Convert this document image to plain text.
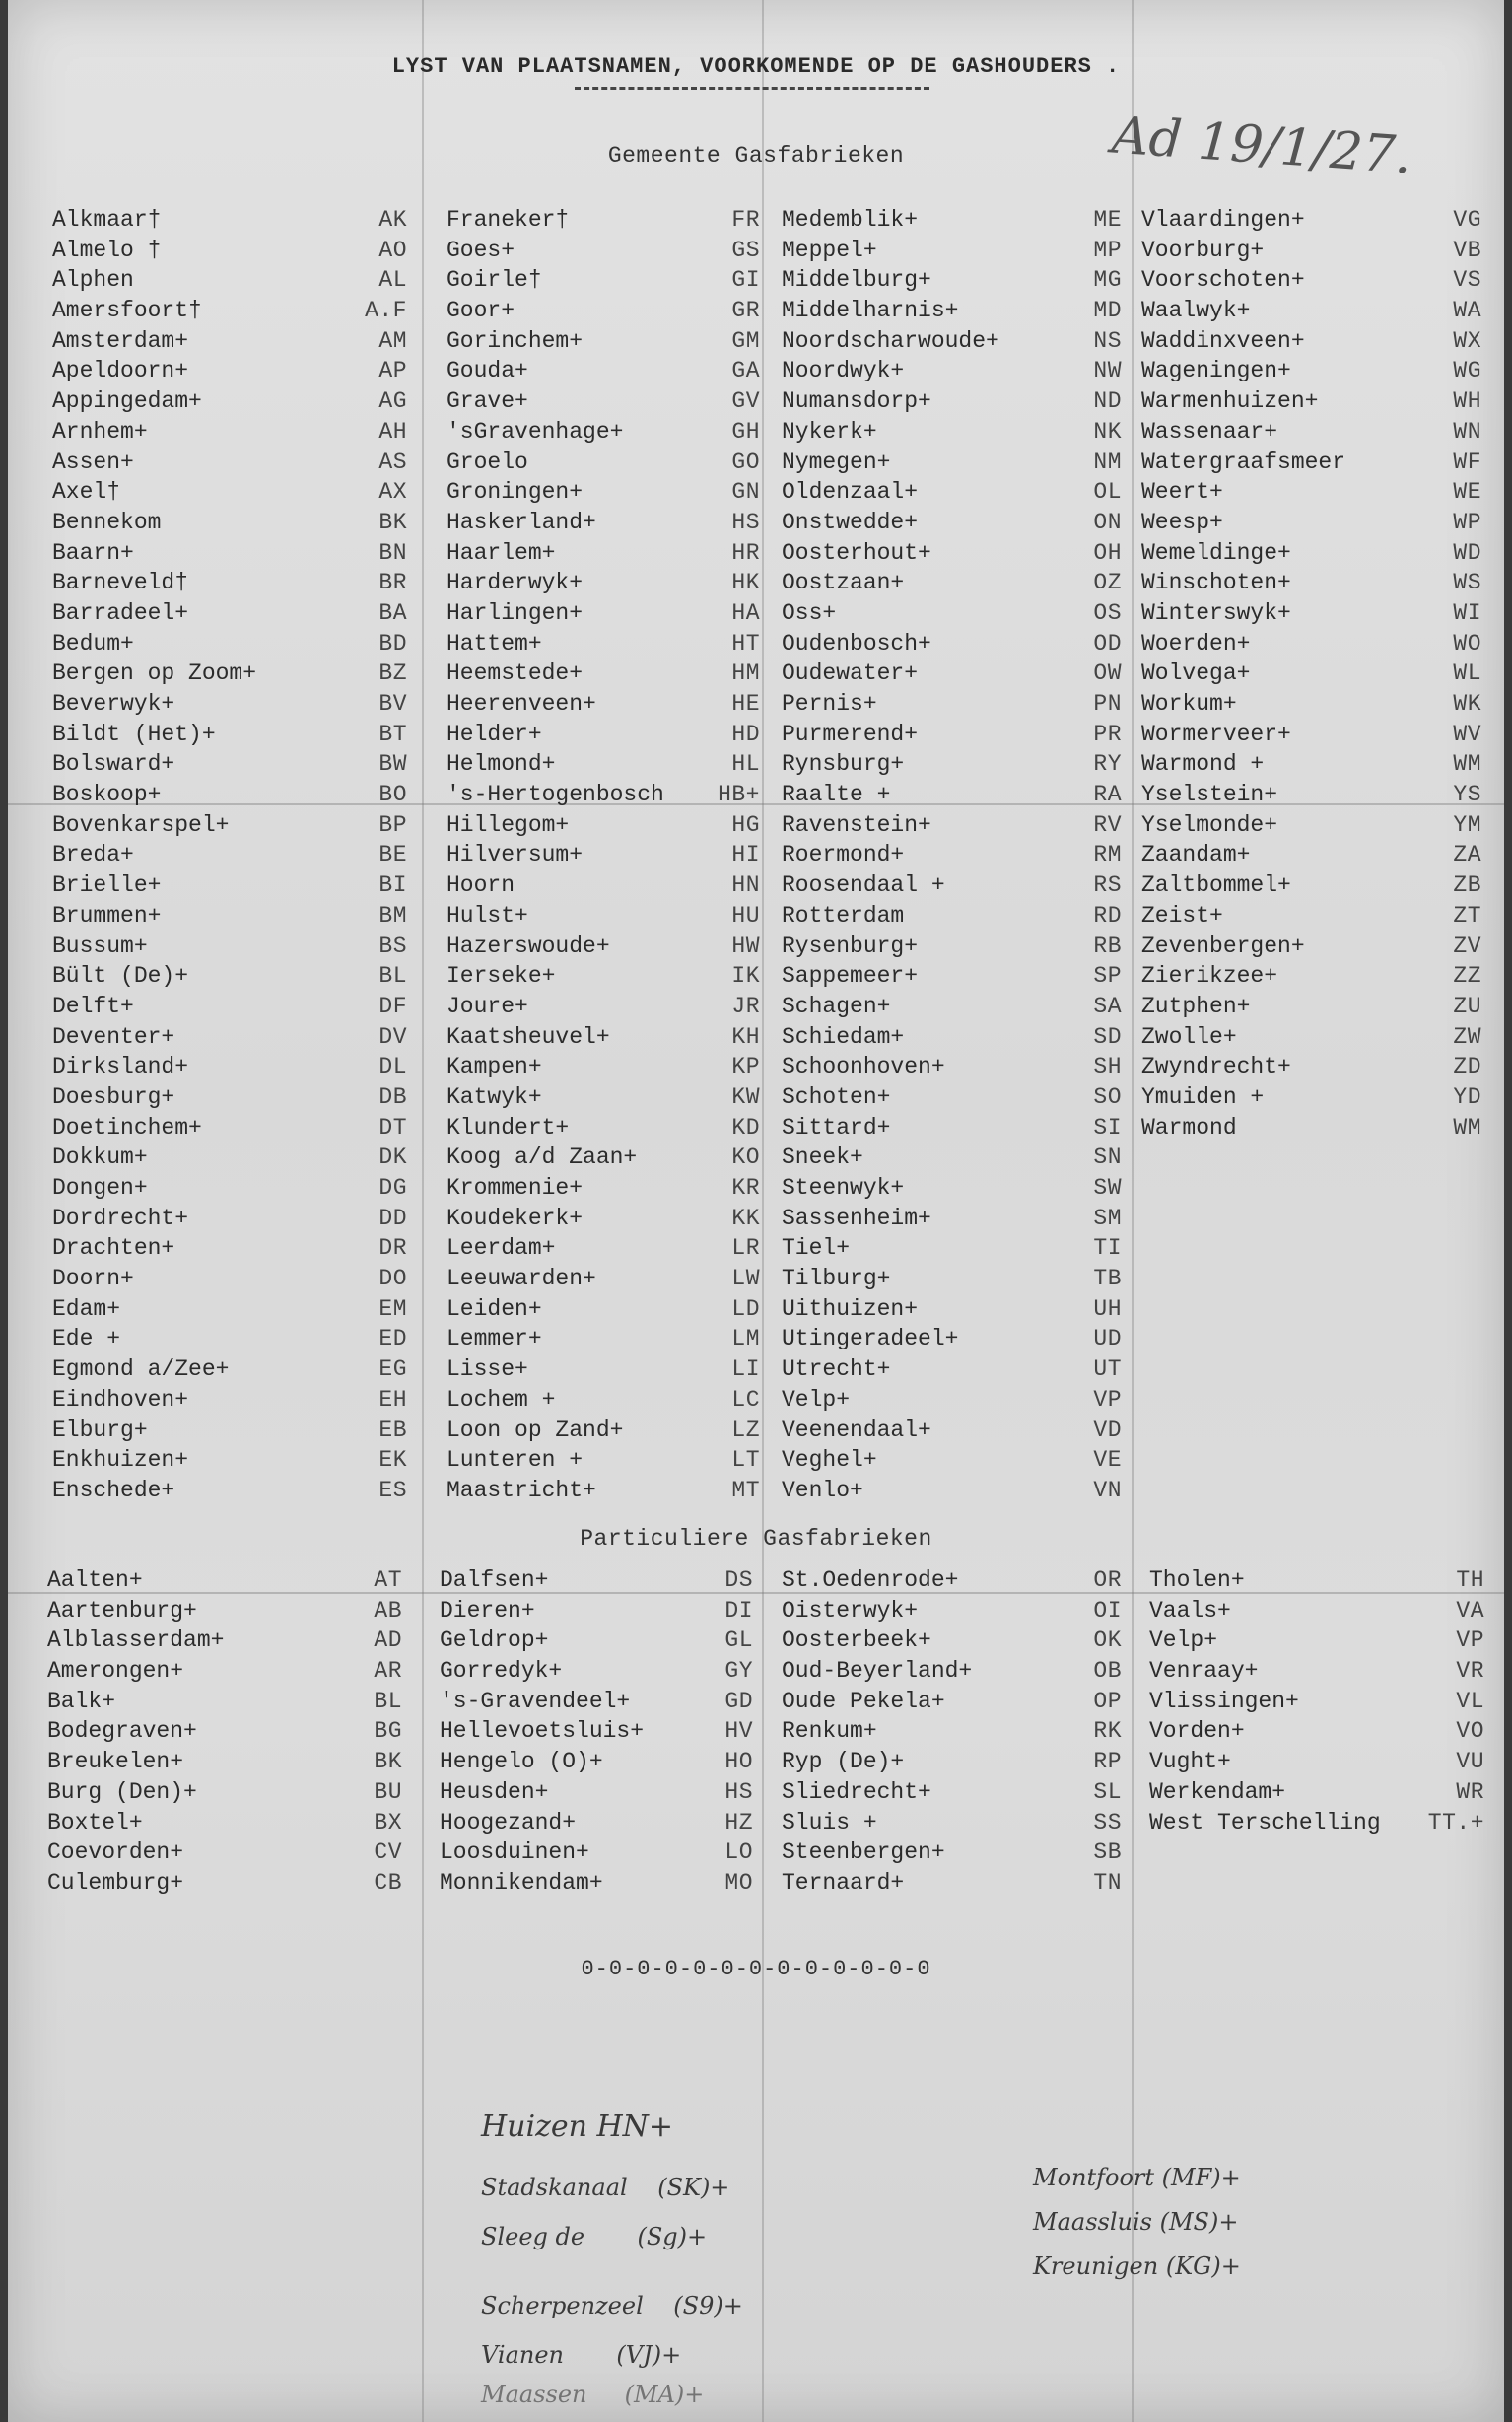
LYST VAN PLAATSNAMEN, VOORKOMENDE OP DE GASHOUDERS .
Ad 19/1/27.
Gemeente Gasfabrieken
Alkmaar†	AK
Almelo †	AO
Alphen	AL
Amersfoort†	A.F
Amsterdam+	AM
Apeldoorn+	AP
Appingedam+	AG
Arnhem+	AH
Assen+	AS
Axel†	AX
Bennekom	BK
Baarn+	BN
Barneveld†	BR
Barradeel+	BA
Bedum+	BD
Bergen op Zoom+	BZ
Beverwyk+	BV
Bildt (Het)+	BT
Bolsward+	BW
Boskoop+	BO
Bovenkarspel+	BP
Breda+	BE
Brielle+	BI
Brummen+	BM
Bussum+	BS
Bült (De)+	BL
Delft+	DF
Deventer+	DV
Dirksland+	DL
Doesburg+	DB
Doetinchem+	DT
Dokkum+	DK
Dongen+	DG
Dordrecht+	DD
Drachten+	DR
Doorn+	DO
Edam+	EM
Ede +	ED
Egmond a/Zee+	EG
Eindhoven+	EH
Elburg+	EB
Enkhuizen+	EK
Enschede+	ES
Franeker†	FR
Goes+	GS
Goirle†	GI
Goor+	GR
Gorinchem+	GM
Gouda+	GA
Grave+	GV
'sGravenhage+	GH
Groelo	GO
Groningen+	GN
Haskerland+	HS
Haarlem+	HR
Harderwyk+	HK
Harlingen+	HA
Hattem+	HT
Heemstede+	HM
Heerenveen+	HE
Helder+	HD
Helmond+	HL
's-Hertogenbosch HB+
Hillegom+	HG
Hilversum+	HI
Hoorn	HN
Hulst+	HU
Hazerswoude+	HW
Ierseke+	IK
Joure+	JR
Kaatsheuvel+	KH
Kampen+	KP
Katwyk+	KW
Klundert+	KD
Koog a/d Zaan+	KO
Krommenie+	KR
Koudekerk+	KK
Leerdam+	LR
Leeuwarden+	LW
Leiden+	LD
Lemmer+	LM
Lisse+	LI
Lochem +	LC
Loon op Zand+	LZ
Lunteren +	LT
Maastricht+	MT
Medemblik+	ME
Meppel+	MP
Middelburg+	MG
Middelharnis+	MD
Noordscharwoude+	NS
Noordwyk+	NW
Numansdorp+	ND
Nykerk+	NK
Nymegen+	NM
Oldenzaal+	OL
Onstwedde+	ON
Oosterhout+	OH
Oostzaan+	OZ
Oss+	OS
Oudenbosch+	OD
Oudewater+	OW
Pernis+	PN
Purmerend+	PR
Rynsburg+	RY
Raalte +	RA
Ravenstein+	RV
Roermond+	RM
Roosendaal +	RS
Rotterdam	RD
Rysenburg+	RB
Sappemeer+	SP
Schagen+	SA
Schiedam+	SD
Schoonhoven+	SH
Schoten+	SO
Sittard+	SI
Sneek+	SN
Steenwyk+	SW
Sassenheim+	SM
Tiel+	TI
Tilburg+	TB
Uithuizen+	UH
Utingeradeel+	UD
Utrecht+	UT
Velp+	VP
Veenendaal+	VD
Veghel+	VE
Venlo+	VN
Vlaardingen+	VG
Voorburg+	VB
Voorschoten+	VS
Waalwyk+	WA
Waddinxveen+	WX
Wageningen+	WG
Warmenhuizen+	WH
Wassenaar+	WN
Watergraafsmeer	WF
Weert+	WE
Weesp+	WP
Wemeldinge+	WD
Winschoten+	WS
Winterswyk+	WI
Woerden+	WO
Wolvega+	WL
Workum+	WK
Wormerveer+	WV
Warmond +	WM
Yselstein+	YS
Yselmonde+	YM
Zaandam+	ZA
Zaltbommel+	ZB
Zeist+	ZT
Zevenbergen+	ZV
Zierikzee+	ZZ
Zutphen+	ZU
Zwolle+	ZW
Zwyndrecht+	ZD
Ymuiden +	YD
Warmond	WM
Particuliere Gasfabrieken
Aalten+	AT
Aartenburg+	AB
Alblasserdam+	AD
Amerongen+	AR
Balk+	BL
Bodegraven+	BG
Breukelen+	BK
Burg (Den)+	BU
Boxtel+	BX
Coevorden+	CV
Culemburg+	CB
Dalfsen+	DS
Dieren+	DI
Geldrop+	GL
Gorredyk+	GY
's-Gravendeel+	GD
Hellevoetsluis+	HV
Hengelo (O)+	HO
Heusden+	HS
Hoogezand+	HZ
Loosduinen+	LO
Monnikendam+	MO
St.Oedenrode+	OR
Oisterwyk+	OI
Oosterbeek+	OK
Oud-Beyerland+	OB
Oude Pekela+	OP
Renkum+	RK
Ryp (De)+	RP
Sliedrecht+	SL
Sluis +	SS
Steenbergen+	SB
Ternaard+	TN
Tholen+	TH
Vaals+	VA
Velp+	VP
Venraay+	VR
Vlissingen+	VL
Vorden+	VO
Vught+	VU
Werkendam+	WR
West Terschelling TT.+
0-0-0-0-0-0-0-0-0-0-0-0-0
Huizen HN+
Stadskanaal (SK)+
Sleeg de (Sg)+
Scherpenzeel (S9)+
Vianen (VJ)+
Maassen (MA)+
Montfoort (MF)+
Maassluis (MS)+
Kreunigen (KG)+
